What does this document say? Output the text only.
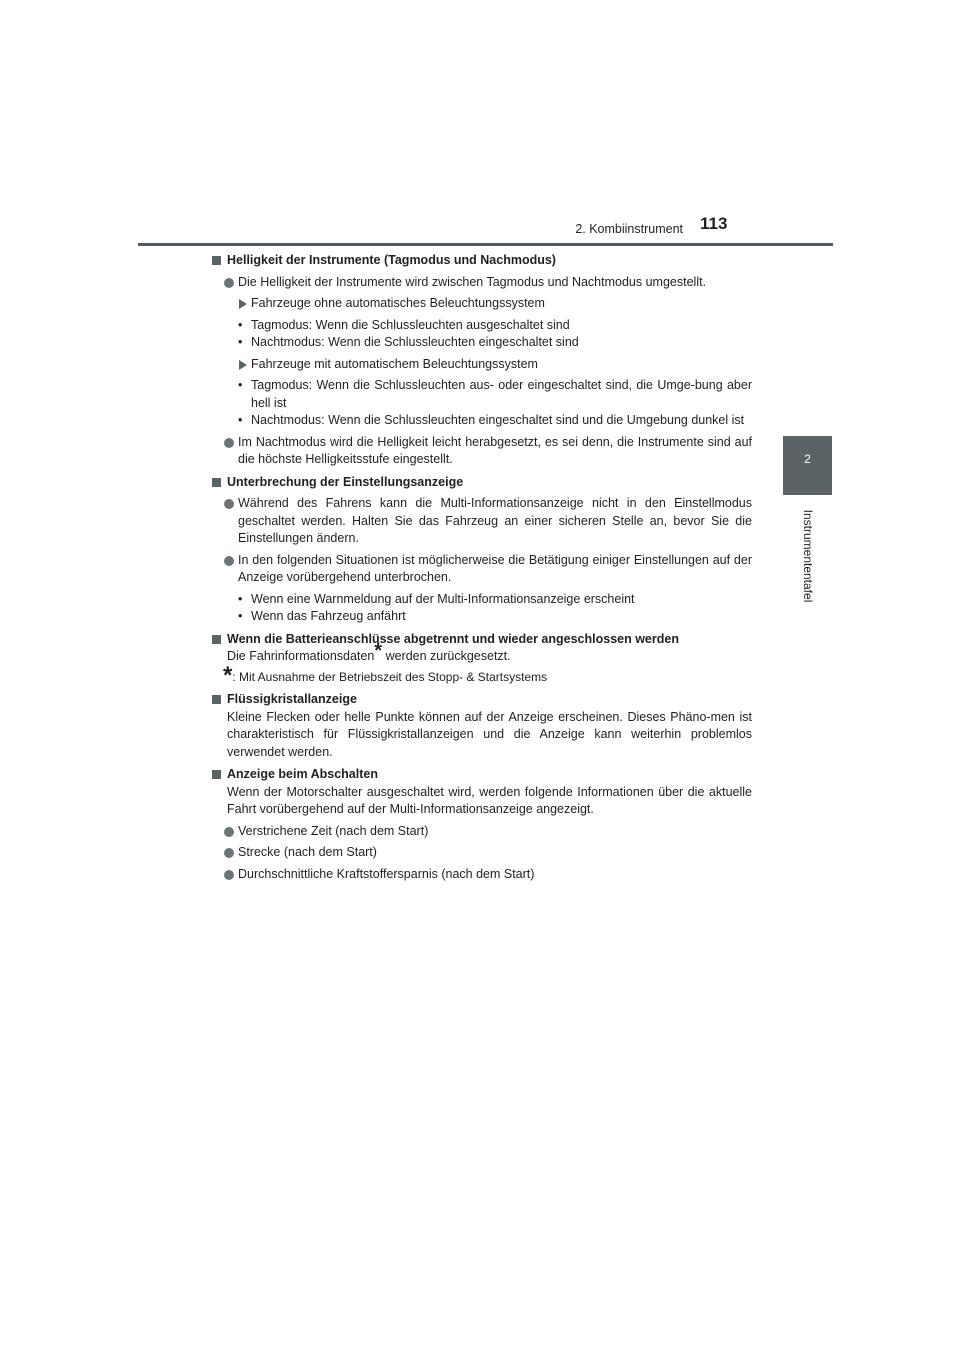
2. Kombiinstrument 113
2
Instrumententafel

Helligkeit der Instrumente (Tagmodus und Nachmodus)

Die Helligkeit der Instrumente wird zwischen Tagmodus und Nachtmodus umgestellt.

Fahrzeuge ohne automatisches Beleuchtungssystem

• Tagmodus: Wenn die Schlussleuchten ausgeschaltet sind

• Nachtmodus: Wenn die Schlussleuchten eingeschaltet sind

Fahrzeuge mit automatischem Beleuchtungssystem

• Tagmodus: Wenn die Schlussleuchten aus- oder eingeschaltet sind, die Umge-bung aber hell ist

• Nachtmodus: Wenn die Schlussleuchten eingeschaltet sind und die Umgebung dunkel ist

Im Nachtmodus wird die Helligkeit leicht herabgesetzt, es sei denn, die Instrumente sind auf die höchste Helligkeitsstufe eingestellt.

Unterbrechung der Einstellungsanzeige

Während des Fahrens kann die Multi-Informationsanzeige nicht in den Einstellmodus geschaltet werden. Halten Sie das Fahrzeug an einer sicheren Stelle an, bevor Sie die Einstellungen ändern.

In den folgenden Situationen ist möglicherweise die Betätigung einiger Einstellungen auf der Anzeige vorübergehend unterbrochen.

• Wenn eine Warnmeldung auf der Multi-Informationsanzeige erscheint

• Wenn das Fahrzeug anfährt

Wenn die Batterieanschlüsse abgetrennt und wieder angeschlossen werden

Die Fahrinformationsdaten* werden zurückgesetzt.

*: Mit Ausnahme der Betriebszeit des Stopp- & Startsystems

Flüssigkristallanzeige

Kleine Flecken oder helle Punkte können auf der Anzeige erscheinen. Dieses Phäno-men ist charakteristisch für Flüssigkristallanzeigen und die Anzeige kann weiterhin problemlos verwendet werden.

Anzeige beim Abschalten

Wenn der Motorschalter ausgeschaltet wird, werden folgende Informationen über die aktuelle Fahrt vorübergehend auf der Multi-Informationsanzeige angezeigt.

Verstrichene Zeit (nach dem Start)

Strecke (nach dem Start)

Durchschnittliche Kraftstoffersparnis (nach dem Start)
